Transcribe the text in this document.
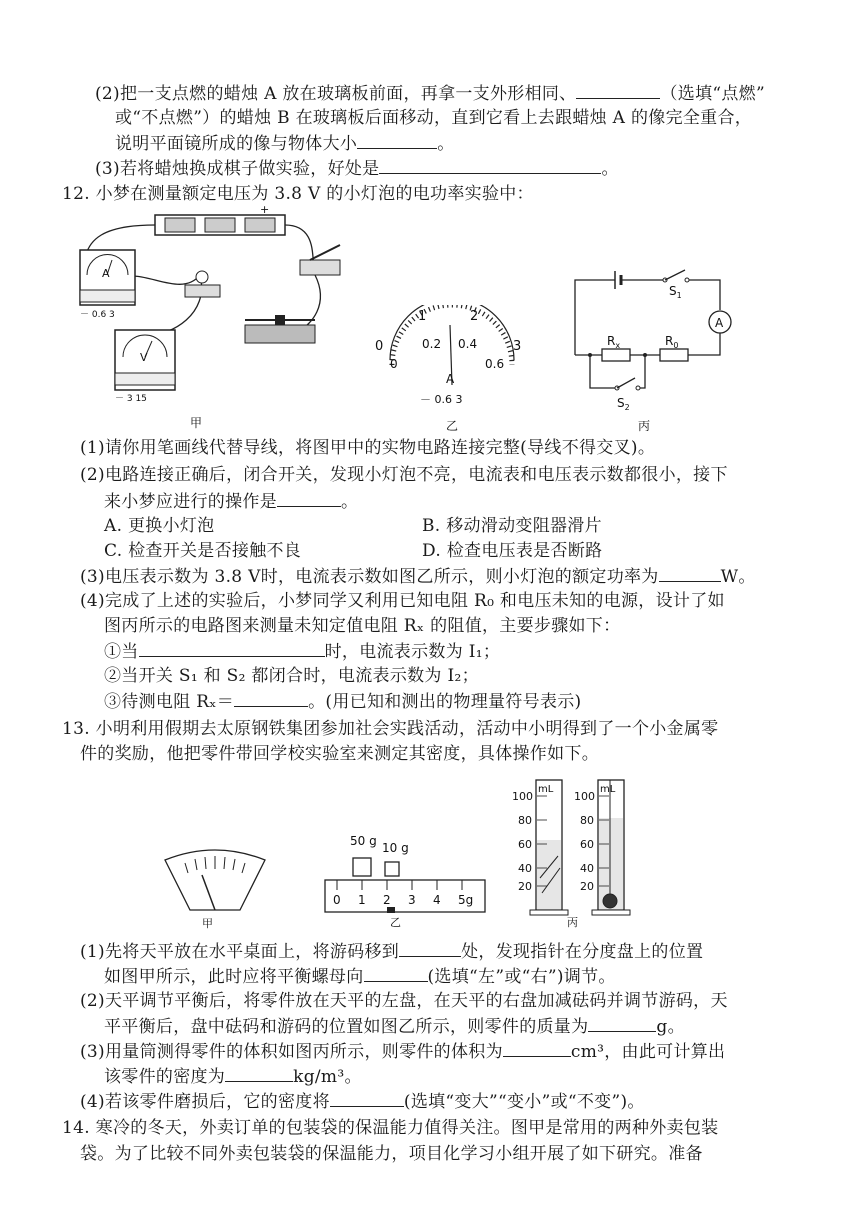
(2)把一支点燃的蜡烛 A 放在玻璃板前面，再拿一支外形相同、	（选填“点燃”
或“不点燃”）的蜡烛 B 在玻璃板后面移动，直到它看上去跟蜡烛 A 的像完全重合，
说明平面镜所成的像与物体大小	。
(3)若将蜡烛换成棋子做实验，好处是	。
12. 小梦在测量额定电压为 3.8 V 的小灯泡的电功率实验中：
+
A
－ 0.6 3
V
－ 3 15
甲
0
1	2
3
0
0.2 0.4
0.6
A
－ 0.6 3
乙
$S_1$
A
$R_0$
$R_x$
$S_2$
丙
(1)请你用笔画线代替导线，将图甲中的实物电路连接完整(导线不得交叉)。
(2)电路连接正确后，闭合开关，发现小灯泡不亮，电流表和电压表示数都很小，接下
来小梦应进行的操作是	。
A. 更换小灯泡	B. 移动滑动变阻器滑片
C. 检查开关是否接触不良	D. 检查电压表是否断路
(3)电压表示数为 3.8 V时，电流表示数如图乙所示，则小灯泡的额定功率为	W。
(4)完成了上述的实验后，小梦同学又利用已知电阻 R₀ 和电压未知的电源，设计了如
图丙所示的电路图来测量未知定值电阻 Rₓ 的阻值，主要步骤如下：
①当	时，电流表示数为 I₁；
②当开关 S₁ 和 S₂ 都闭合时，电流表示数为 I₂；
③待测电阻 Rₓ＝	。(用已知和测出的物理量符号表示)
13. 小明利用假期去太原钢铁集团参加社会实践活动，活动中小明得到了一个小金属零
件的奖励，他把零件带回学校实验室来测定其密度，具体操作如下。
甲
50 g 10 g
0 1 2 3 4 5g
乙
100
80
60
40
20
mL
100
80
60
40
20
mL
丙
(1)先将天平放在水平桌面上，将游码移到	处，发现指针在分度盘上的位置
如图甲所示，此时应将平衡螺母向	(选填“左”或“右”)调节。
(2)天平调节平衡后，将零件放在天平的左盘，在天平的右盘加减砝码并调节游码，天
平平衡后，盘中砝码和游码的位置如图乙所示，则零件的质量为	g。
(3)用量筒测得零件的体积如图丙所示，则零件的体积为	cm³，由此可计算出
该零件的密度为	kg/m³。
(4)若该零件磨损后，它的密度将	(选填“变大”“变小”或“不变”)。
14. 寒冷的冬天，外卖订单的包装袋的保温能力值得关注。图甲是常用的两种外卖包装
袋。为了比较不同外卖包装袋的保温能力，项目化学习小组开展了如下研究。准备
